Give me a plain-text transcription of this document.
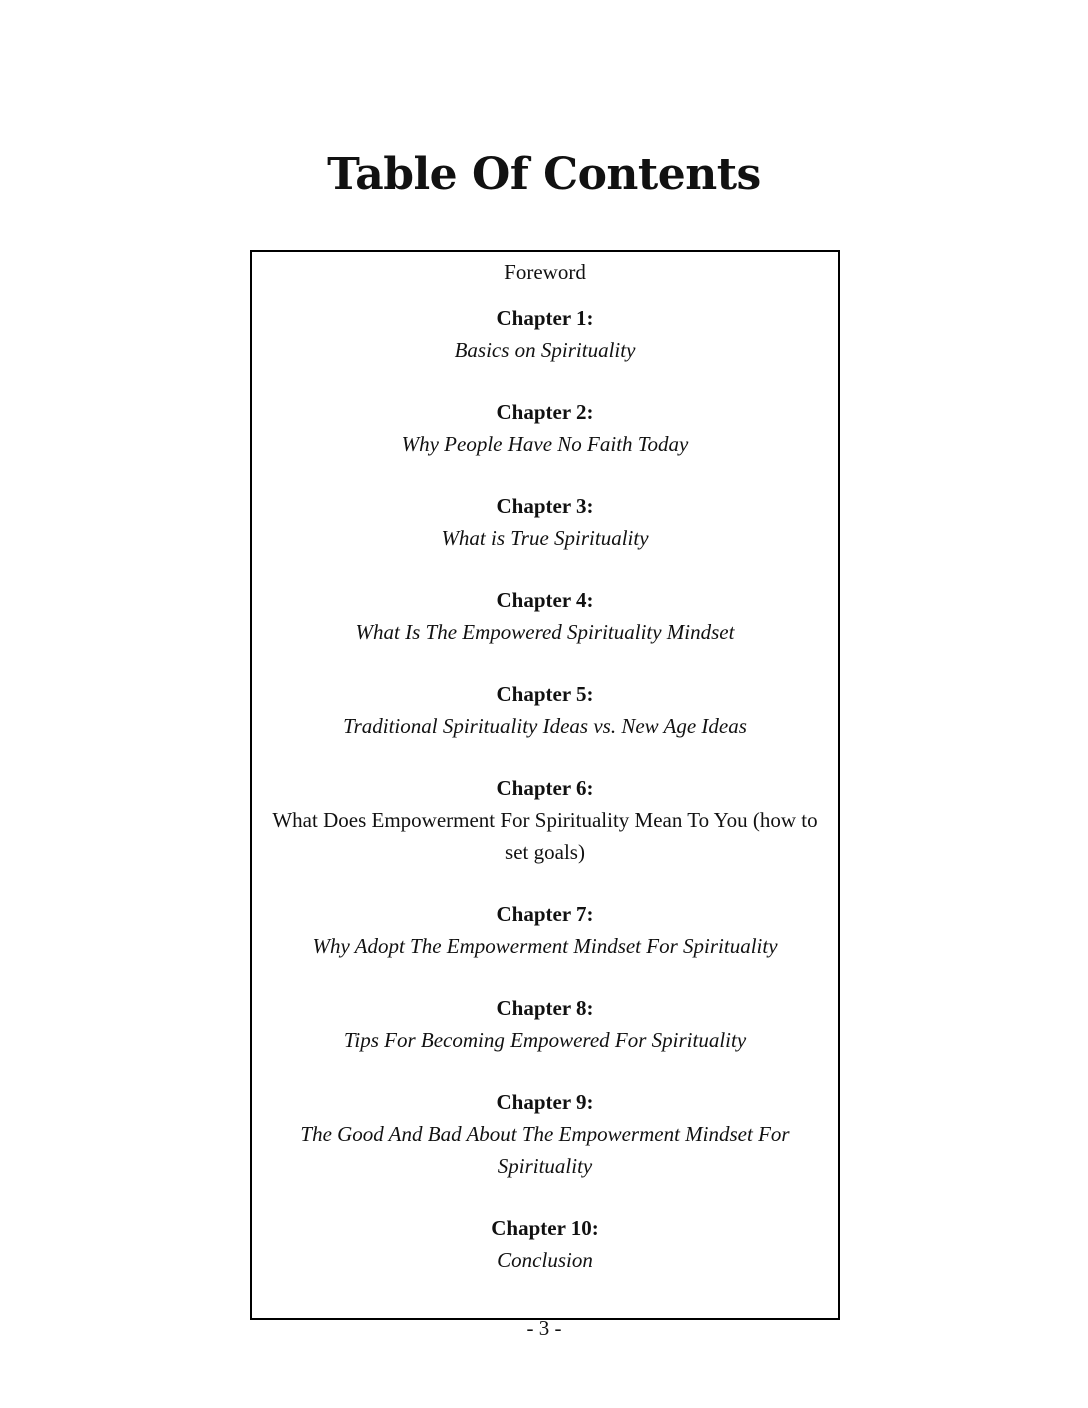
Table Of Contents
Foreword
Chapter 1:
Basics on Spirituality
Chapter 2:
Why People Have No Faith Today
Chapter 3:
What is True Spirituality
Chapter 4:
What Is The Empowered Spirituality Mindset
Chapter 5:
Traditional Spirituality Ideas vs. New Age Ideas
Chapter 6:
What Does Empowerment For Spirituality Mean To You (how to set goals)
Chapter 7:
Why Adopt The Empowerment Mindset For Spirituality
Chapter 8:
Tips For Becoming Empowered For Spirituality
Chapter 9:
The Good And Bad About The Empowerment Mindset For Spirituality
Chapter 10:
Conclusion
- 3 -
